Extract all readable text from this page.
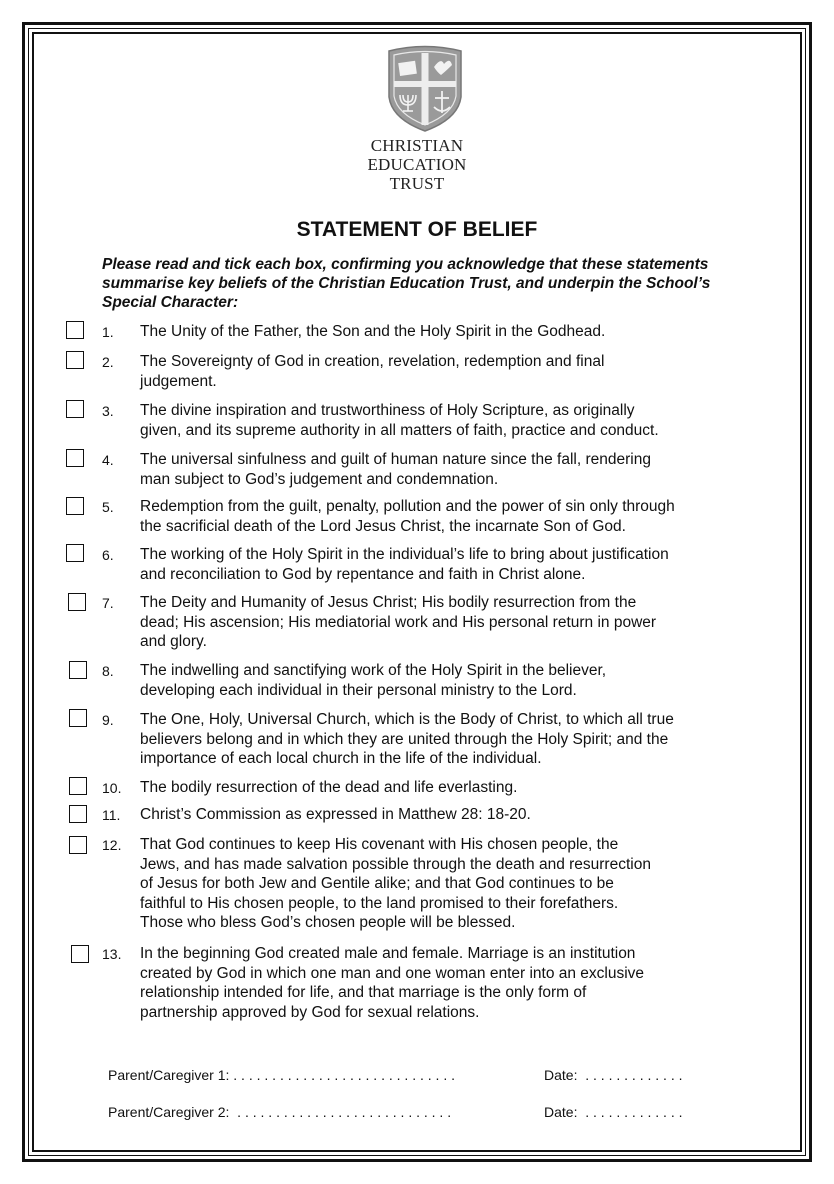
CHRISTIAN
EDUCATION
TRUST
STATEMENT OF BELIEF
Please read and tick each box, confirming you acknowledge that these statements summarise key beliefs of the Christian Education Trust, and underpin the School’s Special Character:
1. The Unity of the Father, the Son and the Holy Spirit in the Godhead.
2. The Sovereignty of God in creation, revelation, redemption and final
judgement.
3. The divine inspiration and trustworthiness of Holy Scripture, as originally
given, and its supreme authority in all matters of faith, practice and conduct.
4. The universal sinfulness and guilt of human nature since the fall, rendering
man subject to God’s judgement and condemnation.
5. Redemption from the guilt, penalty, pollution and the power of sin only through
the sacrificial death of the Lord Jesus Christ, the incarnate Son of God.
6. The working of the Holy Spirit in the individual’s life to bring about justification
and reconciliation to God by repentance and faith in Christ alone.
7. The Deity and Humanity of Jesus Christ; His bodily resurrection from the
dead; His ascension; His mediatorial work and His personal return in power
and glory.
8. The indwelling and sanctifying work of the Holy Spirit in the believer,
developing each individual in their personal ministry to the Lord.
9. The One, Holy, Universal Church, which is the Body of Christ, to which all true
believers belong and in which they are united through the Holy Spirit; and the
importance of each local church in the life of the individual.
10. The bodily resurrection of the dead and life everlasting.
11. Christ’s Commission as expressed in Matthew 28: 18-20.
12. That God continues to keep His covenant with His chosen people, the
Jews, and has made salvation possible through the death and resurrection
of Jesus for both Jew and Gentile alike; and that God continues to be
faithful to His chosen people, to the land promised to their forefathers.
Those who bless God’s chosen people will be blessed.
13. In the beginning God created male and female. Marriage is an institution
created by God in which one man and one woman enter into an exclusive
relationship intended for life, and that marriage is the only form of
partnership approved by God for sexual relations.
Parent/Caregiver 1: . . . . . . . . . . . . . . . . . . . . . . . . . . . . .	Date:  . . . . . . . . . . . . .
Parent/Caregiver 2:  . . . . . . . . . . . . . . . . . . . . . . . . . . . .	Date:  . . . . . . . . . . . . .
